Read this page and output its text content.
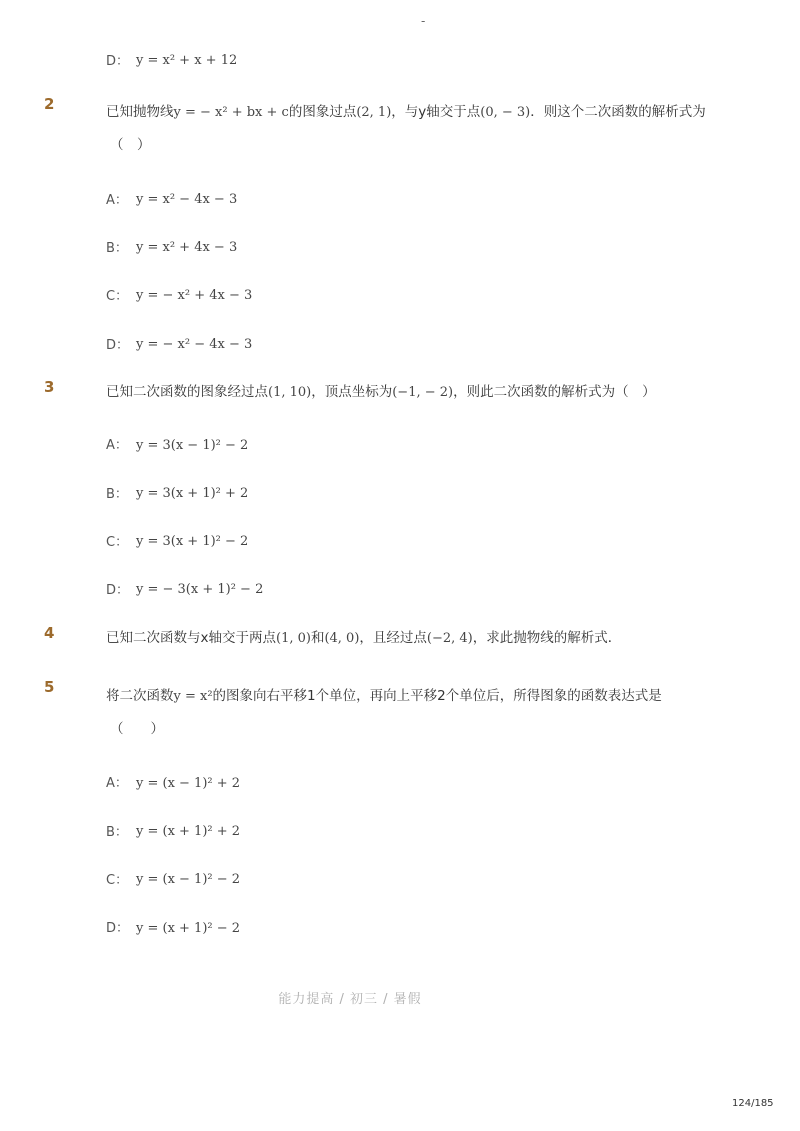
-
D： y = x² + x + 12
2	已知抛物线y = − x² + bx + c的图象过点(2, 1)，与y轴交于点(0, − 3)．则这个二次函数的解析式为
（　）
A： y = x² − 4x − 3
B： y = x² + 4x − 3
C： y = − x² + 4x − 3
D： y = − x² − 4x − 3
3	已知二次函数的图象经过点(1, 10)，顶点坐标为(−1, − 2)，则此二次函数的解析式为（　）
A： y = 3(x − 1)² − 2
B： y = 3(x + 1)² + 2
C： y = 3(x + 1)² − 2
D： y = − 3(x + 1)² − 2
4	已知二次函数与x轴交于两点(1, 0)和(4, 0)，且经过点(−2, 4)，求此抛物线的解析式．
5	将二次函数y = x²的图象向右平移1个单位，再向上平移2个单位后，所得图象的函数表达式是
（　　）
A： y = (x − 1)² + 2
B： y = (x + 1)² + 2
C： y = (x − 1)² − 2
D： y = (x + 1)² − 2
能力提高 / 初三 / 暑假
124/185
